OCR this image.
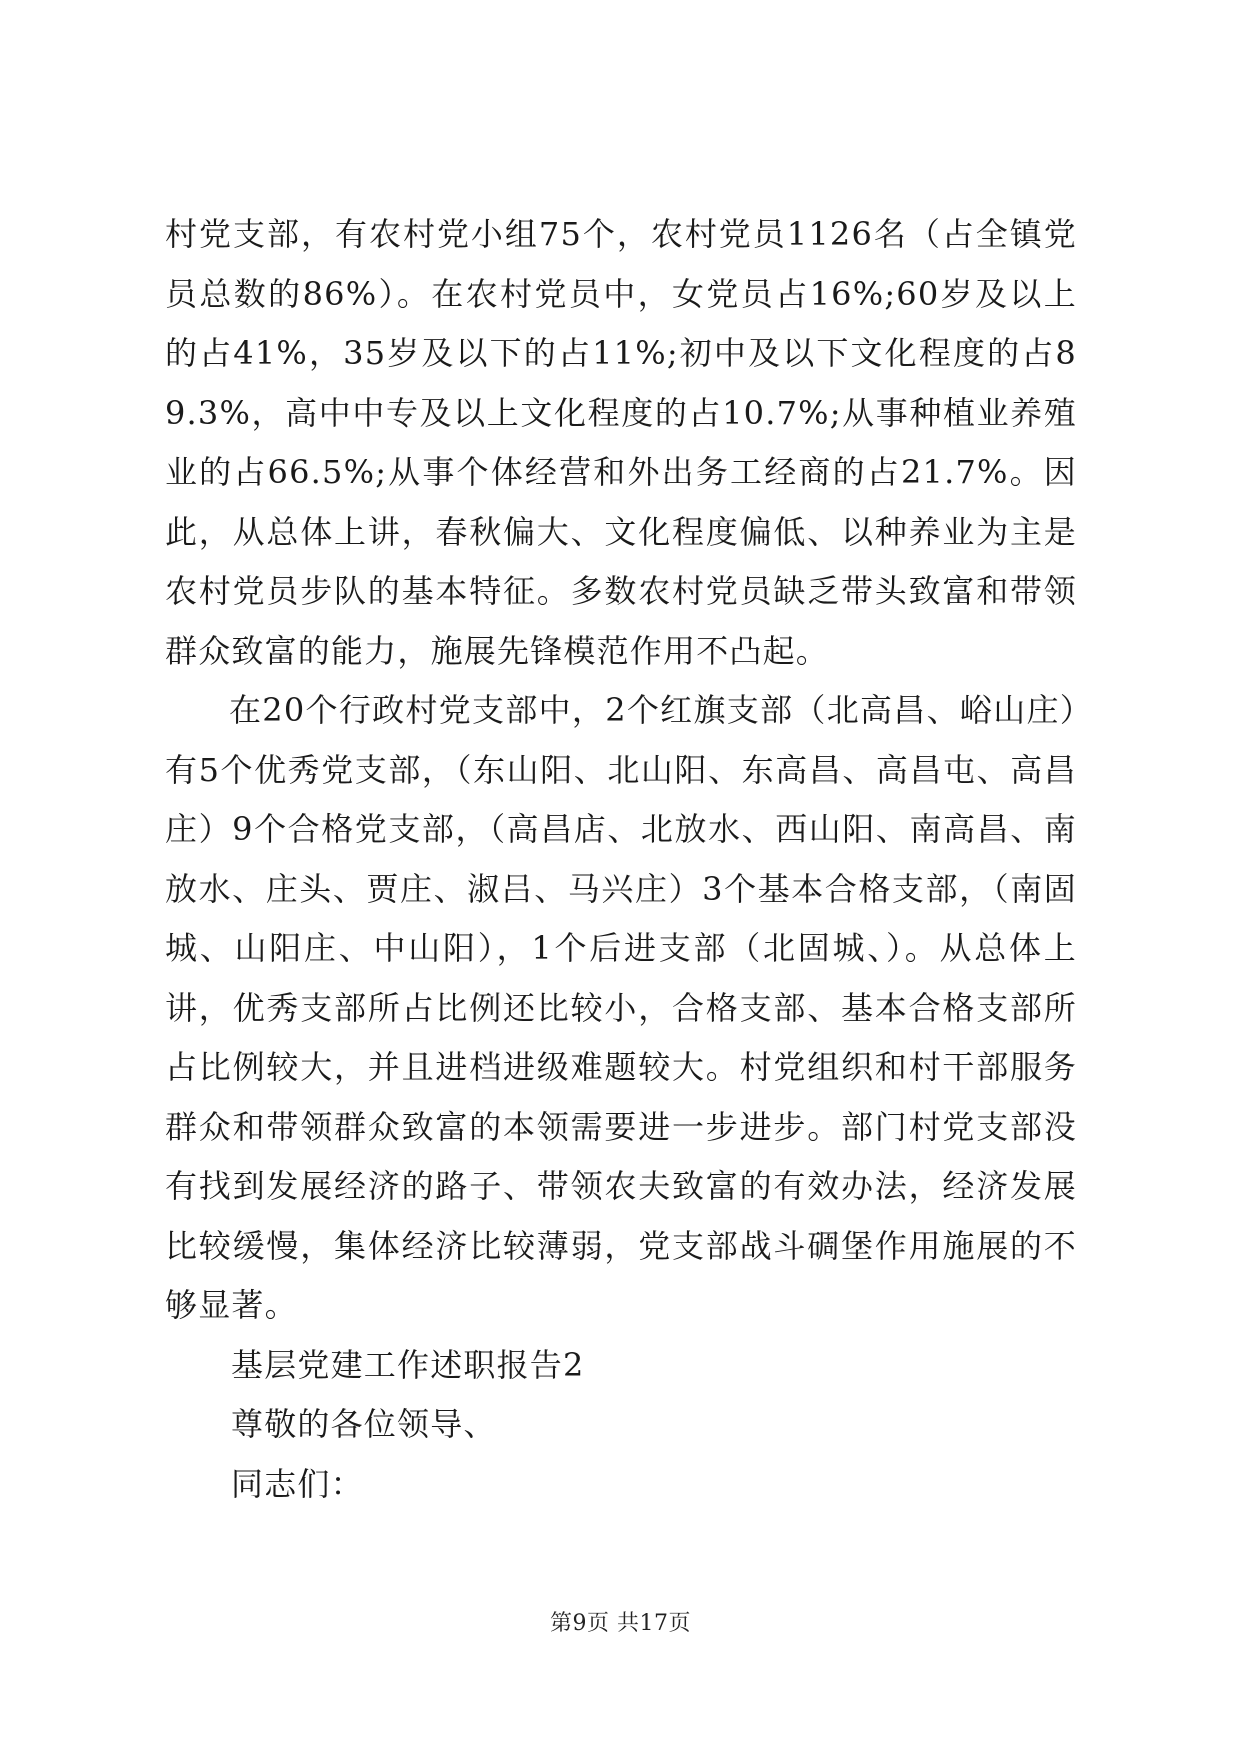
村党支部，有农村党小组75个，农村党员1126名（占全镇党员总数的86%）。在农村党员中，女党员占16%;60岁及以上的占41%，35岁及以下的占11%;初中及以下文化程度的占89.3%，高中中专及以上文化程度的占10.7%;从事种植业养殖业的占66.5%;从事个体经营和外出务工经商的占21.7%。因此，从总体上讲，春秋偏大、文化程度偏低、以种养业为主是农村党员步队的基本特征。多数农村党员缺乏带头致富和带领群众致富的能力，施展先锋模范作用不凸起。

在20个行政村党支部中，2个红旗支部（北高昌、峪山庄）有5个优秀党支部，（东山阳、北山阳、东高昌、高昌屯、高昌庄）9个合格党支部，（高昌店、北放水、西山阳、南高昌、南放水、庄头、贾庄、淑吕、马兴庄）3个基本合格支部，（南固城、山阳庄、中山阳），1个后进支部（北固城、）。从总体上讲，优秀支部所占比例还比较小，合格支部、基本合格支部所占比例较大，并且进档进级难题较大。村党组织和村干部服务群众和带领群众致富的本领需要进一步进步。部门村党支部没有找到发展经济的路子、带领农夫致富的有效办法，经济发展比较缓慢，集体经济比较薄弱，党支部战斗碉堡作用施展的不够显著。

基层党建工作述职报告2

尊敬的各位领导、

同志们：

第9页 共17页
